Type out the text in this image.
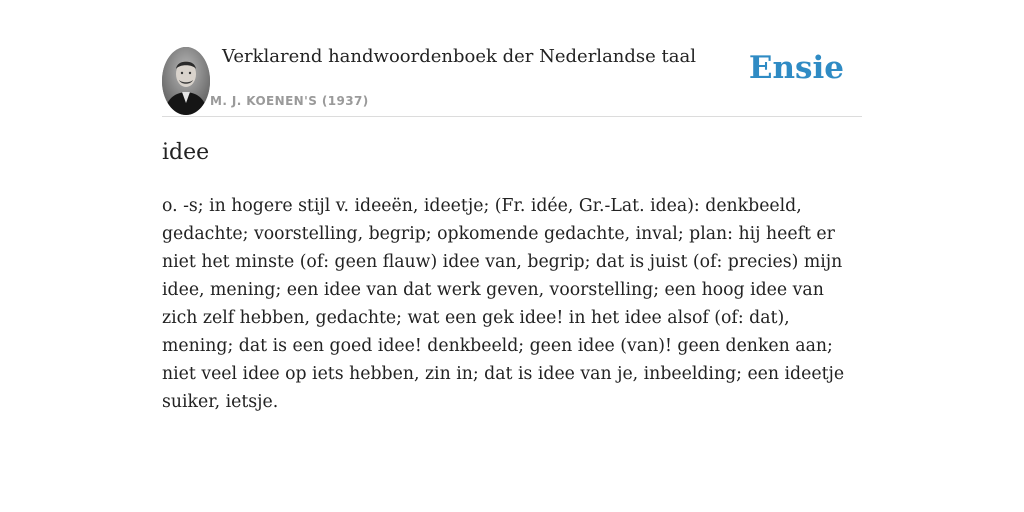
Verklarend handwoordenboek der Nederlandse taal
M. J. KOENEN'S (1937)
Ensie
idee

o. -s; in hogere stijl v. ideeën, ideetje; (Fr. idée, Gr.-Lat. idea): denkbeeld, gedachte; voorstelling, begrip; opkomende gedachte, inval; plan: hij heeft er niet het minste (of: geen flauw) idee van, begrip; dat is juist (of: precies) mijn idee, mening; een idee van dat werk geven, voorstelling; een hoog idee van zich zelf hebben, gedachte; wat een gek idee! in het idee alsof (of: dat), mening; dat is een goed idee! denkbeeld; geen idee (van)! geen denken aan; niet veel idee op iets hebben, zin in; dat is idee van je, inbeelding; een ideetje suiker, ietsje.
